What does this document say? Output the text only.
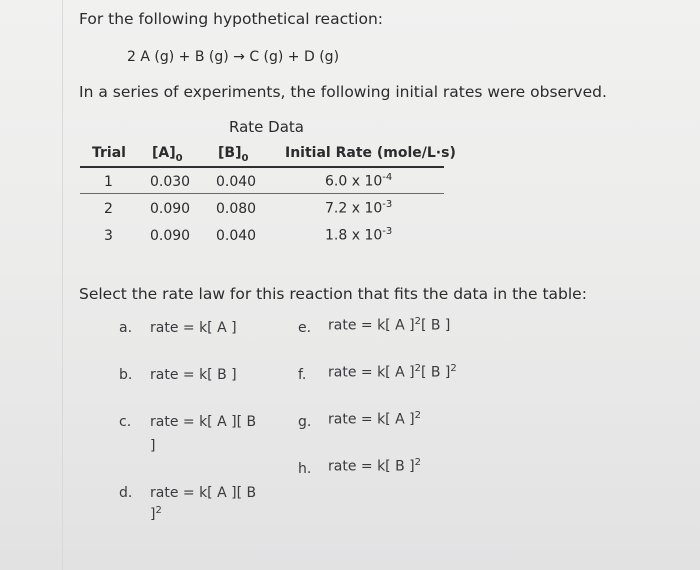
For the following hypothetical reaction:
2 A (g) + B (g) → C (g) + D (g)
In a series of experiments, the following initial rates were observed.
Rate Data
Trial $[A]_0$	$[B]_0$	Initial Rate (mole/L·s)
1	0.030 0.040	6.0 x $10^{-4}$
2	0.090 0.080	7.2 x $10^{-3}$
3	0.090 0.040	1.8 x $10^{-3}$
Select the rate law for this reaction that fits the data in the table:
a. rate = k[ A ]
b. rate = k[ B ]
c. rate = k[ A ][ B
]
d. rate = k[ A ][ B
]$^2$
e. rate = k[ A ]$^2$[ B ]
f. rate = k[ A ]$^2$[ B ]$^2$
g. rate = k[ A ]$^2$
h. rate = k[ B ]$^2$
